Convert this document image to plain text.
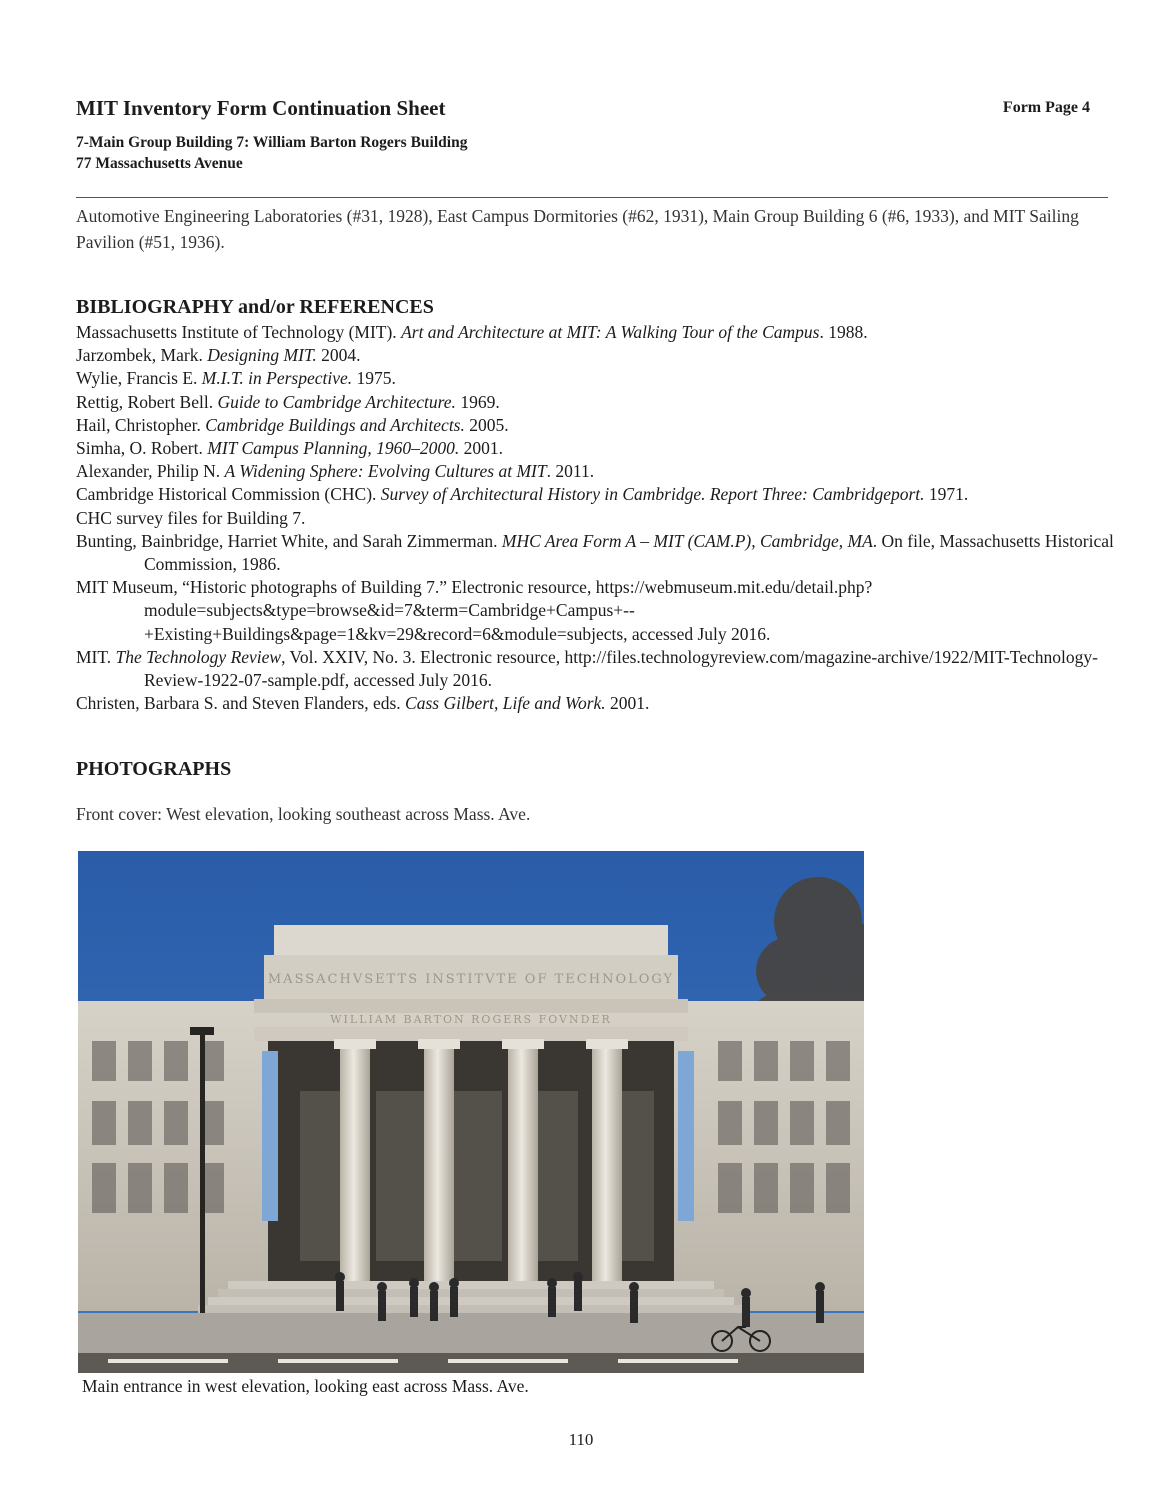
MIT Inventory Form Continuation Sheet	Form Page 4
7-Main Group Building 7: William Barton Rogers Building
77 Massachusetts Avenue
Automotive Engineering Laboratories (#31, 1928), East Campus Dormitories (#62, 1931), Main Group Building 6 (#6, 1933), and MIT Sailing Pavilion (#51, 1936).
BIBLIOGRAPHY and/or REFERENCES
Massachusetts Institute of Technology (MIT). Art and Architecture at MIT: A Walking Tour of the Campus. 1988.
Jarzombek, Mark. Designing MIT. 2004.
Wylie, Francis E. M.I.T. in Perspective. 1975.
Rettig, Robert Bell. Guide to Cambridge Architecture. 1969.
Hail, Christopher. Cambridge Buildings and Architects. 2005.
Simha, O. Robert. MIT Campus Planning, 1960–2000. 2001.
Alexander, Philip N. A Widening Sphere: Evolving Cultures at MIT. 2011.
Cambridge Historical Commission (CHC). Survey of Architectural History in Cambridge. Report Three: Cambridgeport. 1971.
CHC survey files for Building 7.
Bunting, Bainbridge, Harriet White, and Sarah Zimmerman. MHC Area Form A – MIT (CAM.P), Cambridge, MA. On file, Massachusetts Historical Commission, 1986.
MIT Museum, “Historic photographs of Building 7.” Electronic resource, https://webmuseum.mit.edu/detail.php?module=subjects&type=browse&id=7&term=Cambridge+Campus+--+Existing+Buildings&page=1&kv=29&record=6&module=subjects, accessed July 2016.
MIT. The Technology Review, Vol. XXIV, No. 3. Electronic resource, http://files.technologyreview.com/magazine-archive/1922/MIT-Technology-Review-1922-07-sample.pdf, accessed July 2016.
Christen, Barbara S. and Steven Flanders, eds. Cass Gilbert, Life and Work. 2001.
PHOTOGRAPHS
Front cover: West elevation, looking southeast across Mass. Ave.
MASSACHVSETTS INSTITVTE OF TECHNOLOGY
WILLIAM BARTON ROGERS FOVNDER
Main entrance in west elevation, looking east across Mass. Ave.
110
